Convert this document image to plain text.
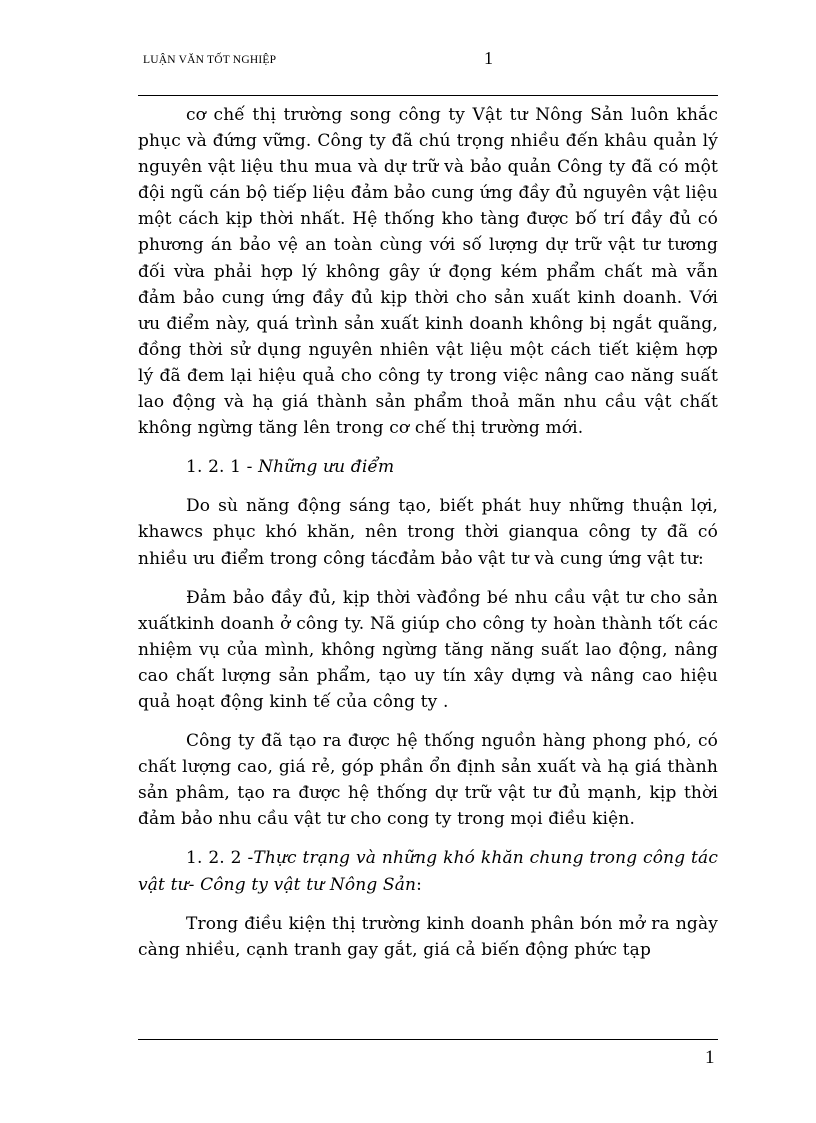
LUẬN VĂN TỐT NGHIỆP	1

cơ chế thị trường song công ty Vật tư Nông Sản luôn khắc phục và đứng vững. Công ty đã chú trọng nhiều đến khâu quản lý nguyên vật liệu thu mua và dự trữ và bảo quản Công ty đã có một đội ngũ cán bộ tiếp liệu đảm bảo cung ứng đầy đủ nguyên vật liệu một cách kịp thời nhất. Hệ thống kho tàng được bố trí đầy đủ có phương án bảo vệ an toàn cùng với số lượng dự trữ vật tư tương đối vừa phải hợp lý không gây ứ đọng kém phẩm chất mà vẫn đảm bảo cung ứng đầy đủ kịp thời cho sản xuất kinh doanh. Với ưu điểm này, quá trình sản xuất kinh doanh không bị ngắt quãng, đồng thời sử dụng nguyên nhiên vật liệu một cách tiết kiệm hợp lý đã đem lại hiệu quả cho công ty trong việc nâng cao năng suất lao động và hạ giá thành sản phẩm thoả mãn nhu cầu vật chất không ngừng tăng lên trong cơ chế thị trường mới.

1. 2. 1 - Những ưu điểm

Do sù năng động sáng tạo, biết phát huy những thuận lợi, khawcs phục khó khăn, nên trong thời gianqua công ty đã có nhiều ưu điểm trong công tácđảm bảo vật tư và cung ứng vật tư:

Đảm bảo đầy đủ, kịp thời vàđồng bé nhu cầu vật tư cho sản xuấtkinh doanh ở công ty. Nã giúp cho công ty hoàn thành tốt các nhiệm vụ của mình, không ngừng tăng năng suất lao động, nâng cao chất lượng sản phẩm, tạo uy tín xây dựng và nâng cao hiệu quả hoạt động kinh tế của công ty .

Công ty đã tạo ra được hệ thống nguồn hàng phong phó, có chất lượng cao, giá rẻ, góp phần ổn định sản xuất và hạ giá thành sản phâm, tạo ra được hệ thống dự trữ vật tư đủ mạnh, kịp thời đảm bảo nhu cầu vật tư cho cong ty trong mọi điều kiện.

1. 2. 2 -Thực trạng và những khó khăn chung trong công tác vật tư- Công ty vật tư Nông Sản:

Trong điều kiện thị trường kinh doanh phân bón mở ra ngày càng nhiều, cạnh tranh gay gắt, giá cả biến động phức tạp

1
